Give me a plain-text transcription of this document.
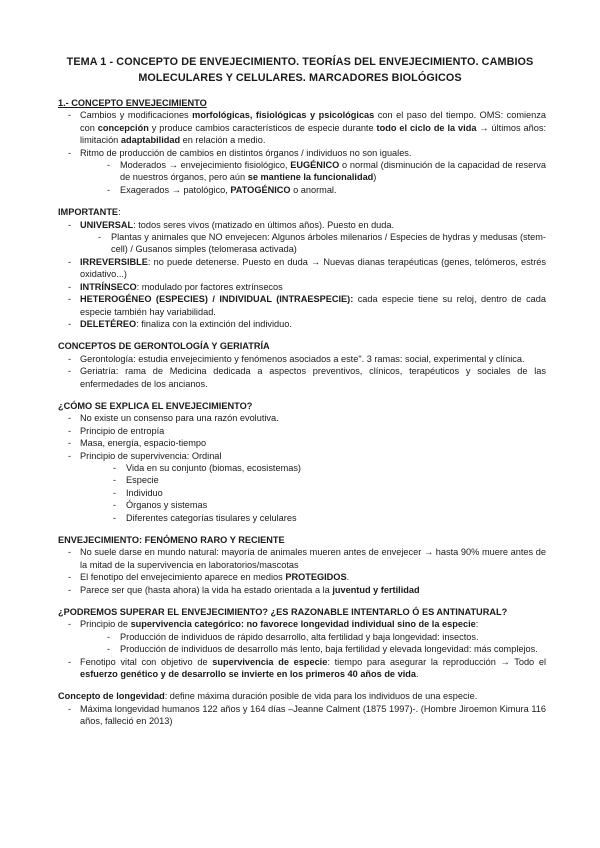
TEMA 1 - CONCEPTO DE ENVEJECIMIENTO. TEORÍAS DEL ENVEJECIMIENTO. CAMBIOS MOLECULARES Y CELULARES. MARCADORES BIOLÓGICOS

1.- CONCEPTO ENVEJECIMIENTO

- Cambios y modificaciones morfológicas, fisiológicas y psicológicas con el paso del tiempo. OMS: comienza con concepción y produce cambios característicos de especie durante todo el ciclo de la vida → últimos años: limitación adaptabilidad en relación a medio.
- Ritmo de producción de cambios en distintos órganos / individuos no son iguales.
- Moderados → envejecimiento fisiológico, EUGÉNICO o normal (disminución de la capacidad de reserva de nuestros órganos, pero aún se mantiene la funcionalidad)
- Exagerados → patológico, PATOGÉNICO o anormal.

IMPORTANTE:

- UNIVERSAL: todos seres vivos (matizado en últimos años). Puesto en duda.
- Plantas y animales que NO envejecen: Algunos árboles milenarios / Especies de hydras y medusas (stem-cell) / Gusanos simples (telomerasa activada)
- IRREVERSIBLE: no puede detenerse. Puesto en duda → Nuevas dianas terapéuticas (genes, telómeros, estrés oxidativo...)
- INTRÍNSECO: modulado por factores extrínsecos
- HETEROGÉNEO (ESPECIES) / INDIVIDUAL (INTRAESPECIE): cada especie tiene su reloj, dentro de cada especie también hay variabilidad.
- DELETÉREO: finaliza con la extinción del individuo.

CONCEPTOS DE GERONTOLOGÍA Y GERIATRÍA

- Gerontología: estudia envejecimiento y fenómenos asociados a este". 3 ramas: social, experimental y clínica.
- Geriatría: rama de Medicina dedicada a aspectos preventivos, clínicos, terapéuticos y sociales de las enfermedades de los ancianos.

¿CÓMO SE EXPLICA EL ENVEJECIMIENTO?

- No existe un consenso para una razón evolutiva.
- Principio de entropía
- Masa, energía, espacio-tiempo
- Principio de supervivencia: Ordinal
- Vida en su conjunto (biomas, ecosistemas)
- Especie
- Individuo
- Órganos y sistemas
- Diferentes categorías tisulares y celulares

ENVEJECIMIENTO: FENÓMENO RARO Y RECIENTE

- No suele darse en mundo natural: mayoría de animales mueren antes de envejecer → hasta 90% muere antes de la mitad de la supervivencia en laboratorios/mascotas
- El fenotipo del envejecimiento aparece en medios PROTEGIDOS.
- Parece ser que (hasta ahora) la vida ha estado orientada a la juventud y fertilidad

¿PODREMOS SUPERAR EL ENVEJECIMIENTO? ¿ES RAZONABLE INTENTARLO Ó ES ANTINATURAL?

- Principio de supervivencia categórico: no favorece longevidad individual sino de la especie:
- Producción de individuos de rápido desarrollo, alta fertilidad y baja longevidad: insectos.
- Producción de individuos de desarrollo más lento, baja fertilidad y elevada longevidad: más complejos.
- Fenotipo vital con objetivo de supervivencia de especie: tiempo para asegurar la reproducción → Todo el esfuerzo genético y de desarrollo se invierte en los primeros 40 años de vida.

Concepto de longevidad: define máxima duración posible de vida para los individuos de una especie.

- Máxima longevidad humanos 122 años y 164 días –Jeanne Calment (1875 1997)-. (Hombre Jiroemon Kimura 116 años, falleció en 2013)
